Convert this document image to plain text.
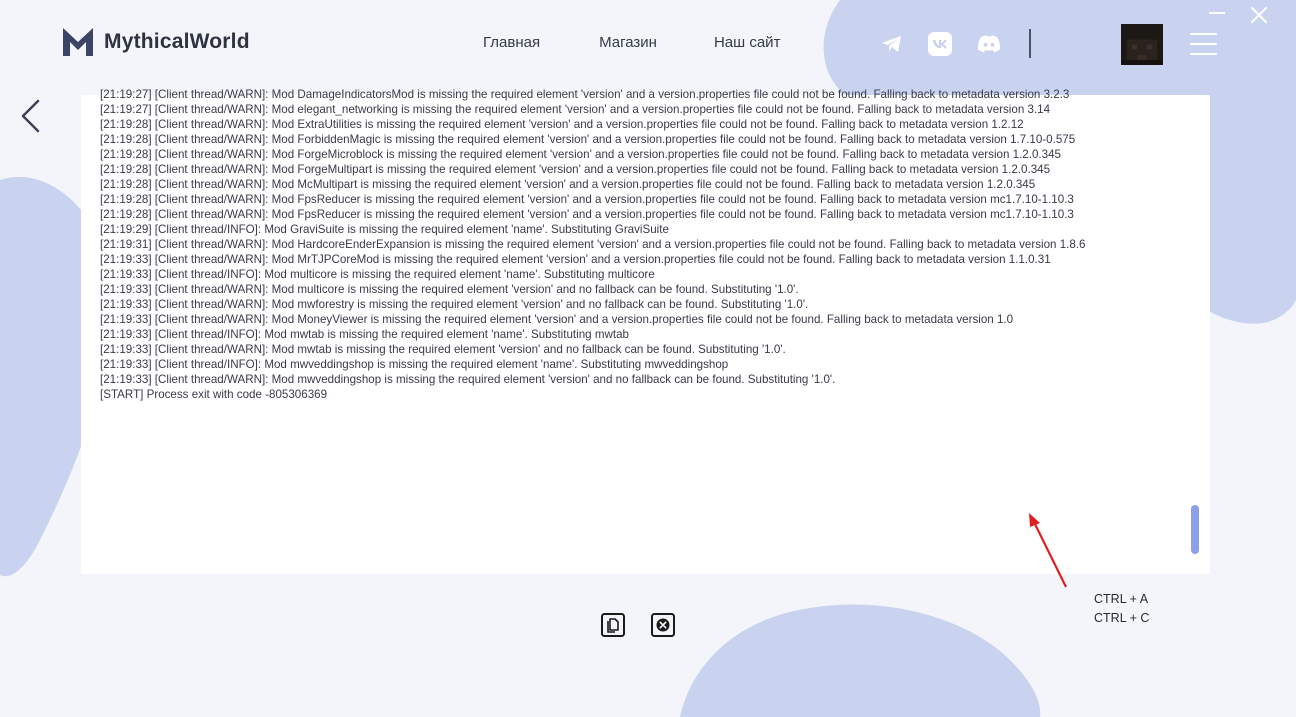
MythicalWorld	Главная	Магазин	Наш сайт
[21:19:27] [Client thread/WARN]: Mod DamageIndicatorsMod is missing the required element 'version' and a version.properties file could not be found. Falling back to metadata version 3.2.3
[21:19:27] [Client thread/WARN]: Mod elegant_networking is missing the required element 'version' and a version.properties file could not be found. Falling back to metadata version 3.14
[21:19:28] [Client thread/WARN]: Mod ExtraUtilities is missing the required element 'version' and a version.properties file could not be found. Falling back to metadata version 1.2.12
[21:19:28] [Client thread/WARN]: Mod ForbiddenMagic is missing the required element 'version' and a version.properties file could not be found. Falling back to metadata version 1.7.10-0.575
[21:19:28] [Client thread/WARN]: Mod ForgeMicroblock is missing the required element 'version' and a version.properties file could not be found. Falling back to metadata version 1.2.0.345
[21:19:28] [Client thread/WARN]: Mod ForgeMultipart is missing the required element 'version' and a version.properties file could not be found. Falling back to metadata version 1.2.0.345
[21:19:28] [Client thread/WARN]: Mod McMultipart is missing the required element 'version' and a version.properties file could not be found. Falling back to metadata version 1.2.0.345
[21:19:28] [Client thread/WARN]: Mod FpsReducer is missing the required element 'version' and a version.properties file could not be found. Falling back to metadata version mc1.7.10-1.10.3
[21:19:28] [Client thread/WARN]: Mod FpsReducer is missing the required element 'version' and a version.properties file could not be found. Falling back to metadata version mc1.7.10-1.10.3
[21:19:29] [Client thread/INFO]: Mod GraviSuite is missing the required element 'name'. Substituting GraviSuite
[21:19:31] [Client thread/WARN]: Mod HardcoreEnderExpansion is missing the required element 'version' and a version.properties file could not be found. Falling back to metadata version 1.8.6
[21:19:33] [Client thread/WARN]: Mod MrTJPCoreMod is missing the required element 'version' and a version.properties file could not be found. Falling back to metadata version 1.1.0.31
[21:19:33] [Client thread/INFO]: Mod multicore is missing the required element 'name'. Substituting multicore
[21:19:33] [Client thread/WARN]: Mod multicore is missing the required element 'version' and no fallback can be found. Substituting '1.0'.
[21:19:33] [Client thread/WARN]: Mod mwforestry is missing the required element 'version' and no fallback can be found. Substituting '1.0'.
[21:19:33] [Client thread/WARN]: Mod MoneyViewer is missing the required element 'version' and a version.properties file could not be found. Falling back to metadata version 1.0
[21:19:33] [Client thread/INFO]: Mod mwtab is missing the required element 'name'. Substituting mwtab
[21:19:33] [Client thread/WARN]: Mod mwtab is missing the required element 'version' and no fallback can be found. Substituting '1.0'.
[21:19:33] [Client thread/INFO]: Mod mwveddingshop is missing the required element 'name'. Substituting mwveddingshop
[21:19:33] [Client thread/WARN]: Mod mwveddingshop is missing the required element 'version' and no fallback can be found. Substituting '1.0'.
[START] Process exit with code -805306369
CTRL + A
CTRL + C
